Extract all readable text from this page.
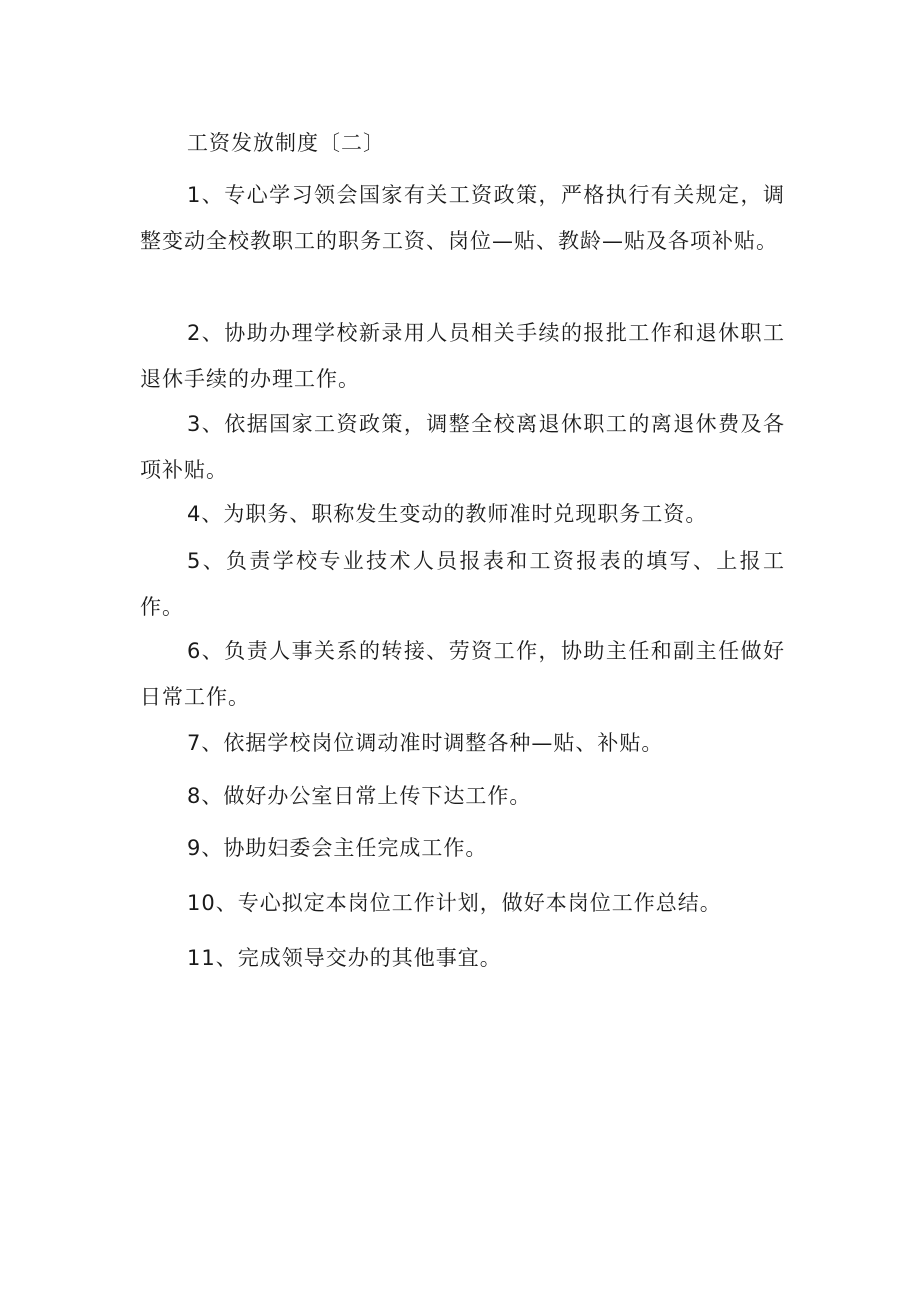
工资发放制度〔二〕

1、专心学习领会国家有关工资政策，严格执行有关规定，调整变动全校教职工的职务工资、岗位—贴、教龄—贴及各项补贴。

2、协助办理学校新录用人员相关手续的报批工作和退休职工退休手续的办理工作。

3、依据国家工资政策，调整全校离退休职工的离退休费及各项补贴。

4、为职务、职称发生变动的教师准时兑现职务工资。

5、负责学校专业技术人员报表和工资报表的填写、上报工作。

6、负责人事关系的转接、劳资工作，协助主任和副主任做好日常工作。

7、依据学校岗位调动准时调整各种—贴、补贴。

8、做好办公室日常上传下达工作。

9、协助妇委会主任完成工作。

10、专心拟定本岗位工作计划，做好本岗位工作总结。

11、完成领导交办的其他事宜。
